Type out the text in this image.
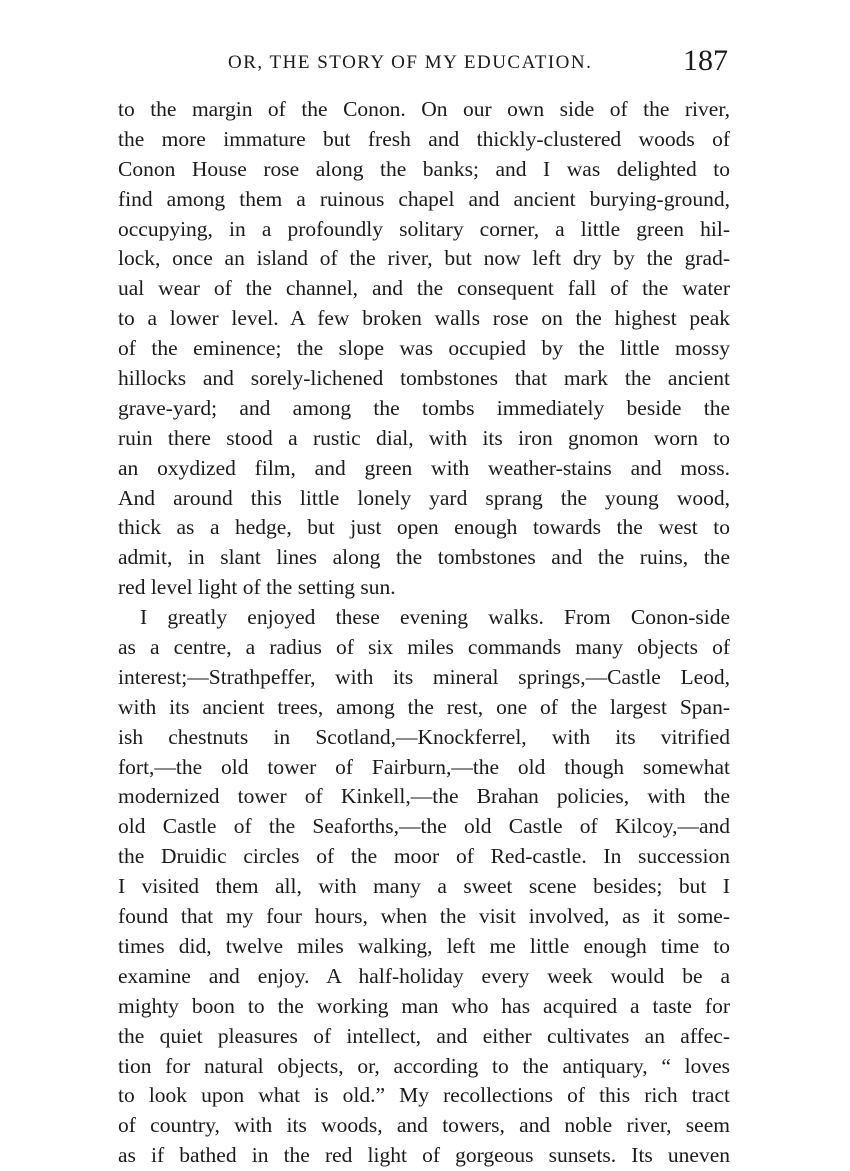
OR, THE STORY OF MY EDUCATION.	187
to the margin of the Conon. On our own side of the river,
the more immature but fresh and thickly-clustered woods of
Conon House rose along the banks; and I was delighted to
find among them a ruinous chapel and ancient burying-ground,
occupying, in a profoundly solitary corner, a little green hil-
lock, once an island of the river, but now left dry by the grad-
ual wear of the channel, and the consequent fall of the water
to a lower level. A few broken walls rose on the highest peak
of the eminence; the slope was occupied by the little mossy
hillocks and sorely-lichened tombstones that mark the ancient
grave-yard; and among the tombs immediately beside the
ruin there stood a rustic dial, with its iron gnomon worn to
an oxydized film, and green with weather-stains and moss.
And around this little lonely yard sprang the young wood,
thick as a hedge, but just open enough towards the west to
admit, in slant lines along the tombstones and the ruins, the
red level light of the setting sun.
I greatly enjoyed these evening walks. From Conon-side
as a centre, a radius of six miles commands many objects of
interest;—Strathpeffer, with its mineral springs,—Castle Leod,
with its ancient trees, among the rest, one of the largest Span-
ish chestnuts in Scotland,—Knockferrel, with its vitrified
fort,—the old tower of Fairburn,—the old though somewhat
modernized tower of Kinkell,—the Brahan policies, with the
old Castle of the Seaforths,—the old Castle of Kilcoy,—and
the Druidic circles of the moor of Red-castle. In succession
I visited them all, with many a sweet scene besides; but I
found that my four hours, when the visit involved, as it some-
times did, twelve miles walking, left me little enough time to
examine and enjoy. A half-holiday every week would be a
mighty boon to the working man who has acquired a taste for
the quiet pleasures of intellect, and either cultivates an affec-
tion for natural objects, or, according to the antiquary, “ loves
to look upon what is old.” My recollections of this rich tract
of country, with its woods, and towers, and noble river, seem
as if bathed in the red light of gorgeous sunsets. Its uneven
